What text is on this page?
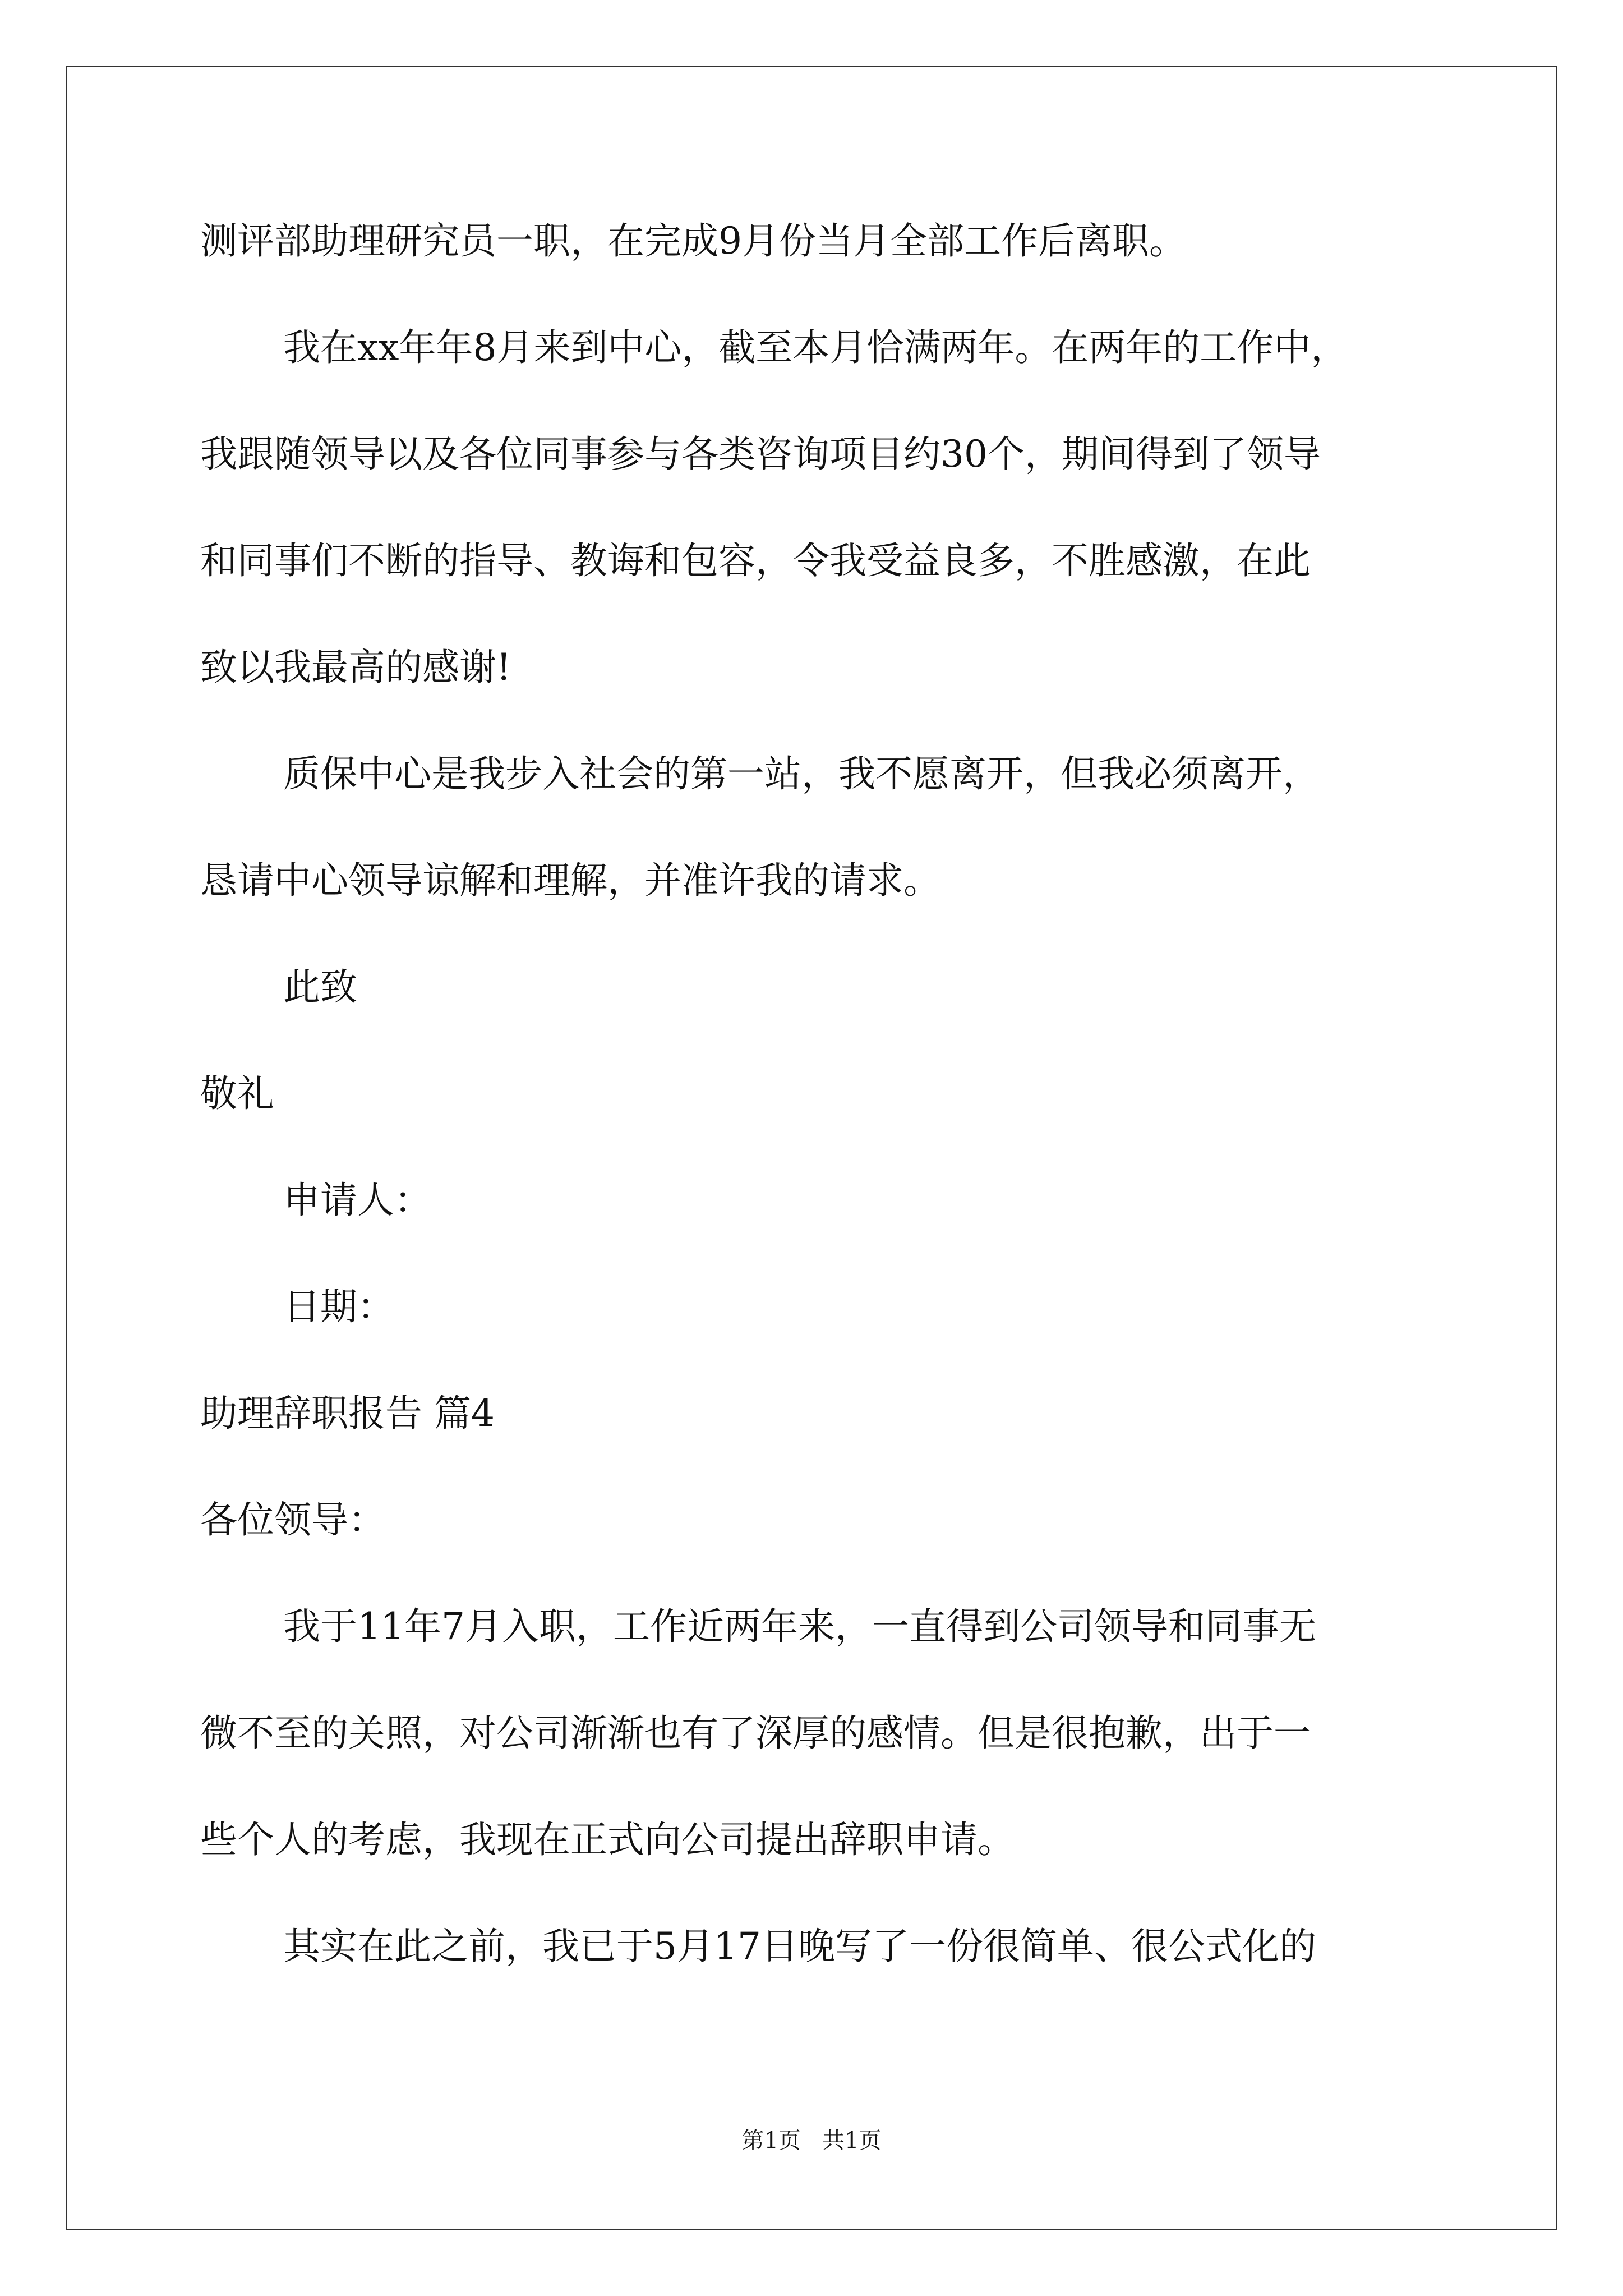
测评部助理研究员一职，在完成9月份当月全部工作后离职。
我在xx年年8月来到中心，截至本月恰满两年。在两年的工作中，
我跟随领导以及各位同事参与各类咨询项目约30个，期间得到了领导
和同事们不断的指导、教诲和包容，令我受益良多，不胜感激，在此
致以我最高的感谢!
质保中心是我步入社会的第一站，我不愿离开，但我必须离开，
恳请中心领导谅解和理解，并准许我的请求。
此致
敬礼
申请人：
日期：
助理辞职报告 篇4
各位领导：
我于11年7月入职，工作近两年来，一直得到公司领导和同事无
微不至的关照，对公司渐渐也有了深厚的感情。但是很抱歉，出于一
些个人的考虑，我现在正式向公司提出辞职申请。
其实在此之前，我已于5月17日晚写了一份很简单、很公式化的
第1页   共1页
